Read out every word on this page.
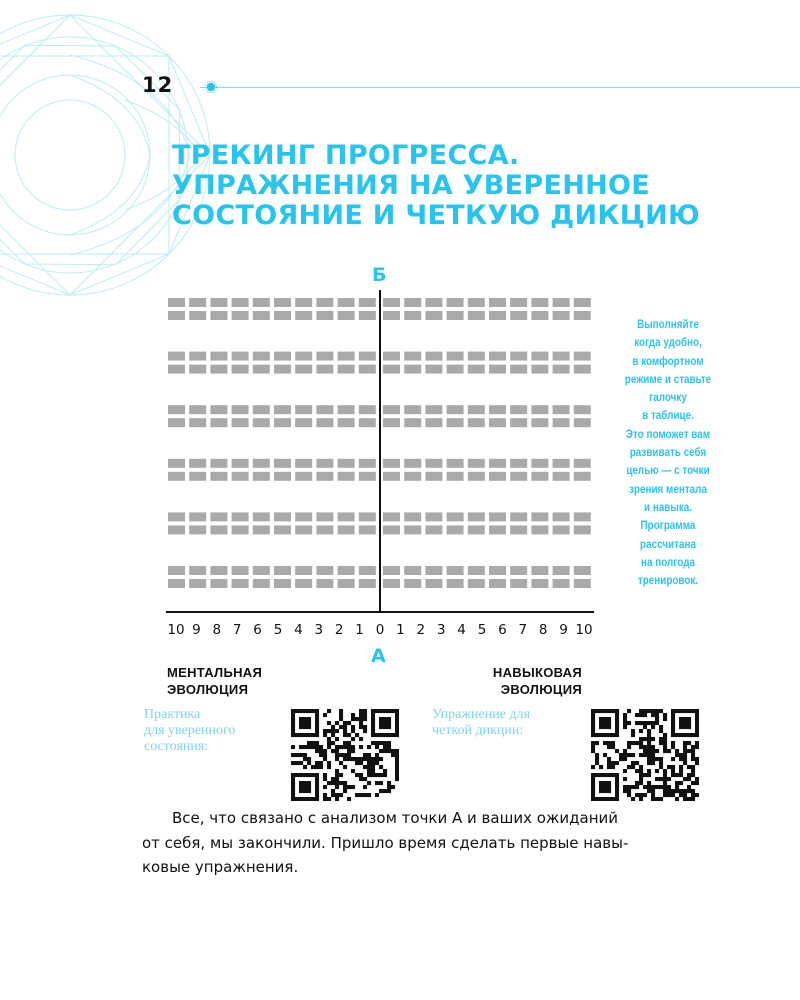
12
ТРЕКИНГ ПРОГРЕССА.
УПРАЖНЕНИЯ НА УВЕРЕННОЕ
СОСТОЯНИЕ И ЧЕТКУЮ ДИКЦИЮ
Б
10 9 8 7 6 5 4 3 2 1 0 1 2 3 4 5 6 7 8 9 10
А
Выполняйте
когда удобно,
в комфортном
режиме и ставьте
галочку
в таблице.
Это поможет вам
развивать себя
целью — с точки
зрения ментала
и навыка.
Программа
рассчитана
на полгода
тренировок.
МЕНТАЛЬНАЯ
ЭВОЛЮЦИЯ
НАВЫКОВАЯ
ЭВОЛЮЦИЯ
Практика
для уверенного
состояния:
Упражнение для
четкой дикции:
Все, что связано с анализом точки А и ваших ожиданий
от себя, мы закончили. Пришло время сделать первые навы-
ковые упражнения.
